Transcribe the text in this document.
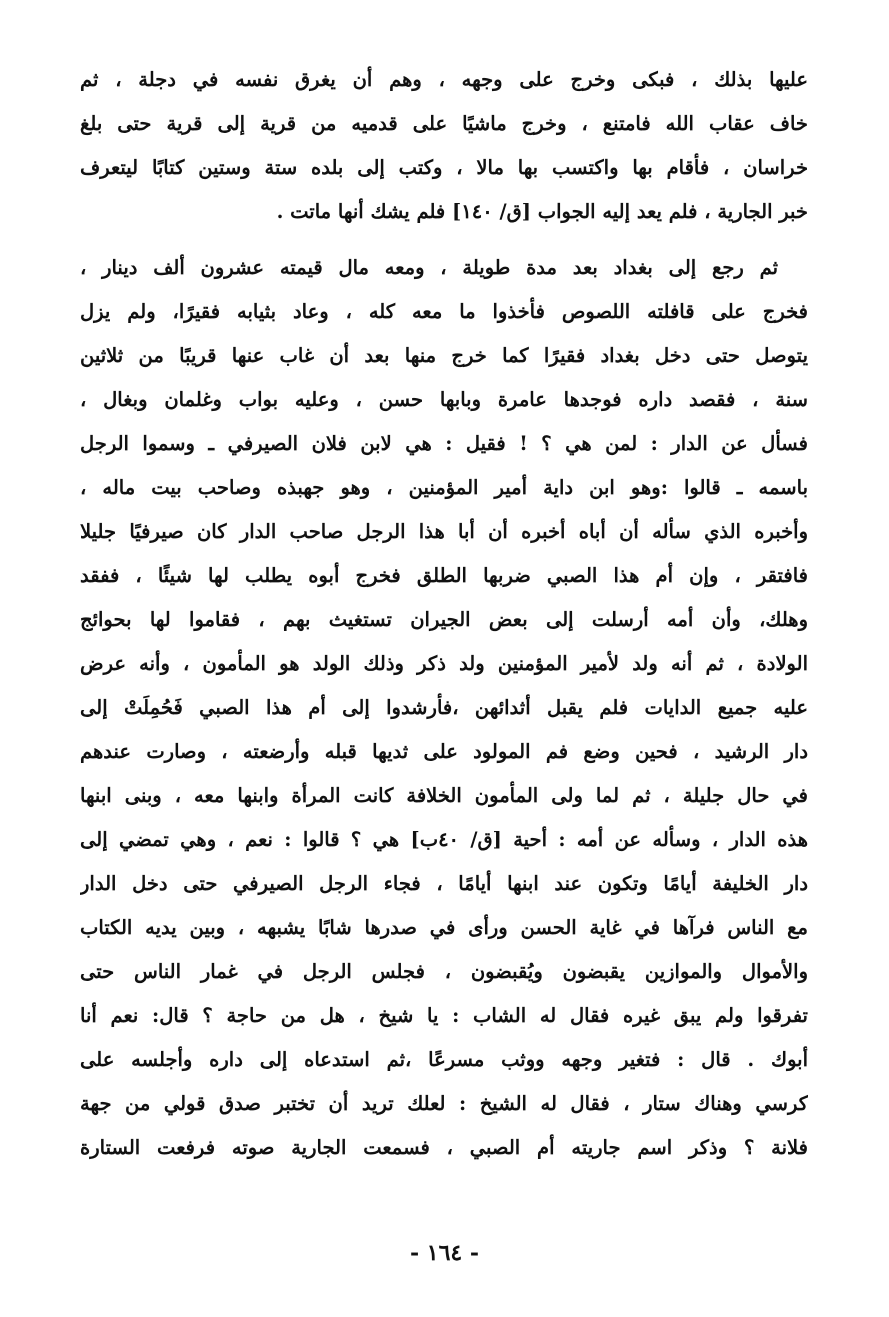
عليها بذلك ، فبكى وخرج على وجهه ، وهم أن يغرق نفسه في دجلة ، ثم
خاف عقاب الله فامتنع ، وخرج ماشيًا على قدميه من قرية إلى قرية حتى بلغ
خراسان ، فأقام بها واكتسب بها مالا ، وكتب إلى بلده ستة وستين كتابًا ليتعرف
خبر الجارية ، فلم يعد إليه الجواب [ق/ ١٤٠] فلم يشك أنها ماتت .
ثم رجع إلى بغداد بعد مدة طويلة ، ومعه مال قيمته عشرون ألف دينار ،
فخرج على قافلته اللصوص فأخذوا ما معه كله ، وعاد بثيابه فقيرًا، ولم يزل
يتوصل حتى دخل بغداد فقيرًا كما خرج منها بعد أن غاب عنها قريبًا من ثلاثين
سنة ، فقصد داره فوجدها عامرة وبابها حسن ، وعليه بواب وغلمان وبغال ،
فسأل عن الدار : لمن هي ؟ ! فقيل : هي لابن فلان الصيرفي ـ وسموا الرجل
باسمه ـ قالوا :وهو ابن داية أمير المؤمنين ، وهو جهبذه وصاحب بيت ماله ،
وأخبره الذي سأله أن أباه أخبره أن أبا هذا الرجل صاحب الدار كان صيرفيًا جليلا
فافتقر ، وإن أم هذا الصبي ضربها الطلق فخرج أبوه يطلب لها شيئًا ، ففقد
وهلك، وأن أمه أرسلت إلى بعض الجيران تستغيث بهم ، فقاموا لها بحوائج
الولادة ، ثم أنه ولد لأمير المؤمنين ولد ذكر وذلك الولد هو المأمون ، وأنه عرض
عليه جميع الدايات فلم يقبل أثدائهن ،فأرشدوا إلى أم هذا الصبي فَحُمِلَتْ إلى
دار الرشيد ، فحين وضع فم المولود على ثديها قبله وأرضعته ، وصارت عندهم
في حال جليلة ، ثم لما ولى المأمون الخلافة كانت المرأة وابنها معه ، وبنى ابنها
هذه الدار ، وسأله عن أمه : أحية [ق/ ٤٠ب] هي ؟ قالوا : نعم ، وهي تمضي إلى
دار الخليفة أيامًا وتكون عند ابنها أيامًا ، فجاء الرجل الصيرفي حتى دخل الدار
مع الناس فرآها في غاية الحسن ورأى في صدرها شابًا يشبهه ، وبين يديه الكتاب
والأموال والموازين يقبضون ويُقبضون ، فجلس الرجل في غمار الناس حتى
تفرقوا ولم يبق غيره فقال له الشاب : يا شيخ ، هل من حاجة ؟ قال: نعم أنا
أبوك . قال : فتغير وجهه ووثب مسرعًا ،ثم استدعاه إلى داره وأجلسه على
كرسي وهناك ستار ، فقال له الشيخ : لعلك تريد أن تختبر صدق قولي من جهة
فلانة ؟ وذكر اسم جاريته أم الصبي ، فسمعت الجارية صوته فرفعت الستارة
- ١٦٤ -
